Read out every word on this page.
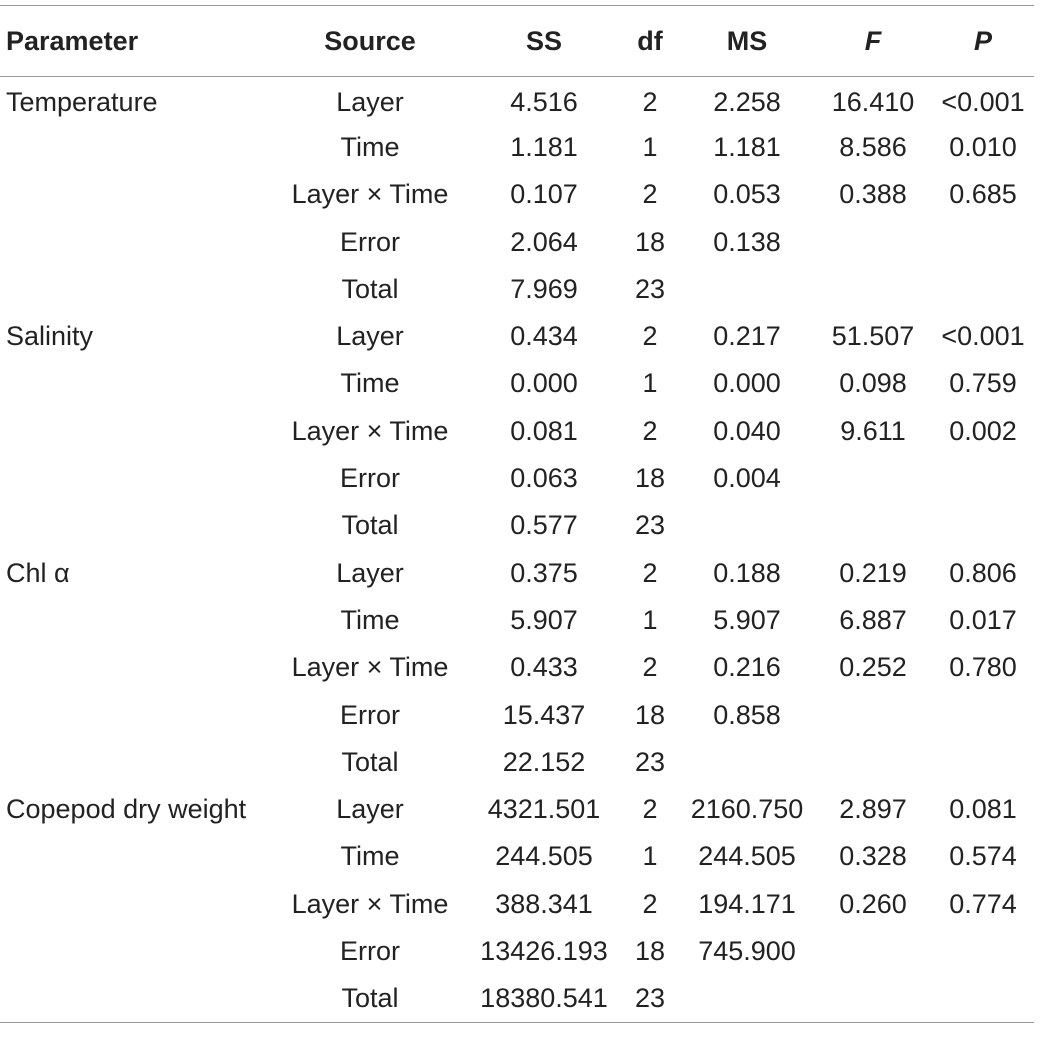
Parameter	Source	SS	df	MS	F	P
Temperature	Layer	4.516	2	2.258	16.410	<0.001
	Time	1.181	1	1.181	8.586	0.010
	Layer × Time	0.107	2	0.053	0.388	0.685
	Error	2.064	18	0.138		
	Total	7.969	23			
Salinity	Layer	0.434	2	0.217	51.507	<0.001
	Time	0.000	1	0.000	0.098	0.759
	Layer × Time	0.081	2	0.040	9.611	0.002
	Error	0.063	18	0.004		
	Total	0.577	23			
Chl α	Layer	0.375	2	0.188	0.219	0.806
	Time	5.907	1	5.907	6.887	0.017
	Layer × Time	0.433	2	0.216	0.252	0.780
	Error	15.437	18	0.858		
	Total	22.152	23			
Copepod dry weight	Layer	4321.501	2	2160.750	2.897	0.081
	Time	244.505	1	244.505	0.328	0.574
	Layer × Time	388.341	2	194.171	0.260	0.774
	Error	13426.193	18	745.900		
	Total	18380.541	23			
